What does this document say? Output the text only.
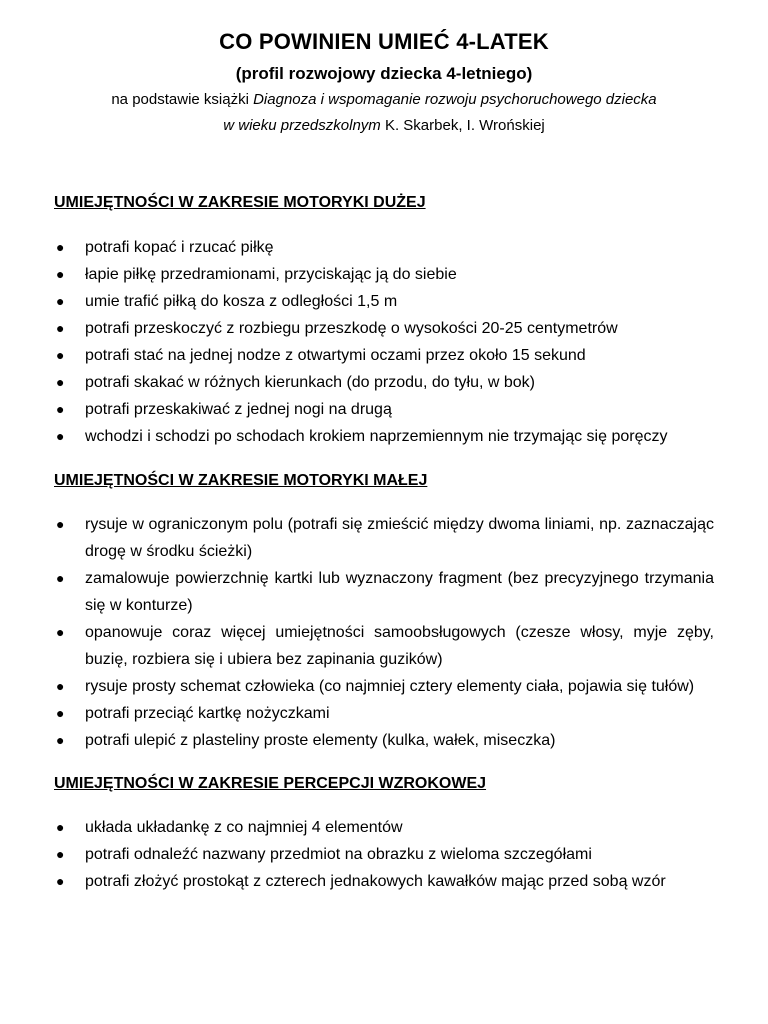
CO POWINIEN UMIEĆ 4-LATEK
(profil rozwojowy dziecka 4-letniego)
na podstawie książki Diagnoza i wspomaganie rozwoju psychoruchowego dziecka
w wieku przedszkolnym K. Skarbek, I. Wrońskiej
UMIEJĘTNOŚCI W ZAKRESIE MOTORYKI DUŻEJ
● potrafi kopać i rzucać piłkę
● łapie piłkę przedramionami, przyciskając ją do siebie
● umie trafić piłką do kosza z odległości 1,5 m
● potrafi przeskoczyć z rozbiegu przeszkodę o wysokości 20-25 centymetrów
● potrafi stać na jednej nodze z otwartymi oczami przez około 15 sekund
● potrafi skakać w różnych kierunkach (do przodu, do tyłu, w bok)
● potrafi przeskakiwać z jednej nogi na drugą
● wchodzi i schodzi po schodach krokiem naprzemiennym nie trzymając się poręczy
UMIEJĘTNOŚCI W ZAKRESIE MOTORYKI MAŁEJ
● rysuje w ograniczonym polu (potrafi się zmieścić między dwoma liniami, np. zaznaczając drogę w środku ścieżki)
● zamalowuje powierzchnię kartki lub wyznaczony fragment (bez precyzyjnego trzymania się w konturze)
● opanowuje coraz więcej umiejętności samoobsługowych (czesze włosy, myje zęby, buzię, rozbiera się i ubiera bez zapinania guzików)
● rysuje prosty schemat człowieka (co najmniej cztery elementy ciała, pojawia się tułów)
● potrafi przeciąć kartkę nożyczkami
● potrafi ulepić z plasteliny proste elementy (kulka, wałek, miseczka)
UMIEJĘTNOŚCI W ZAKRESIE PERCEPCJI WZROKOWEJ
● układa układankę z co najmniej 4 elementów
● potrafi odnaleźć nazwany przedmiot na obrazku z wieloma szczegółami
● potrafi złożyć prostokąt z czterech jednakowych kawałków mając przed sobą wzór
